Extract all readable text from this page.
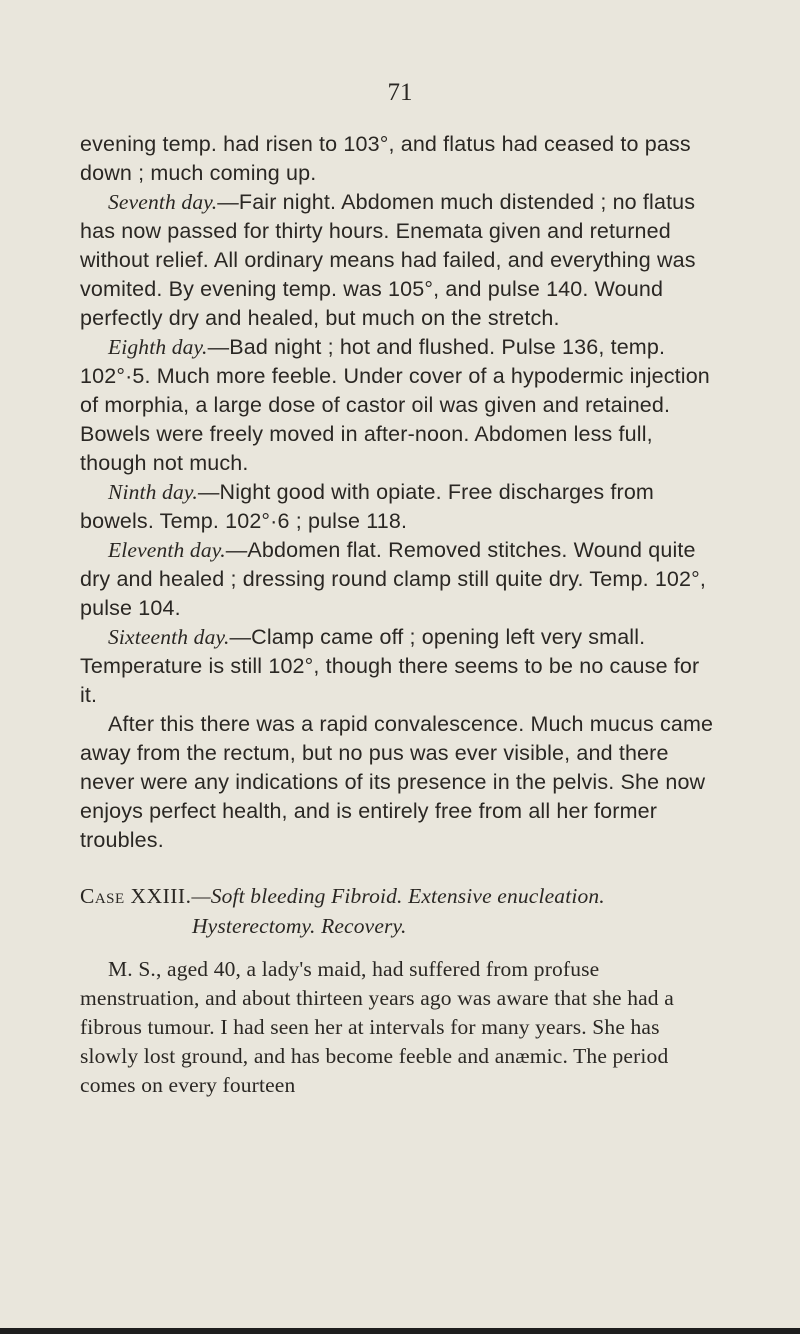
71

evening temp. had risen to 103°, and flatus had ceased to pass down ; much coming up.

Seventh day.—Fair night. Abdomen much distended ; no flatus has now passed for thirty hours. Enemata given and returned without relief. All ordinary means had failed, and everything was vomited. By evening temp. was 105°, and pulse 140. Wound perfectly dry and healed, but much on the stretch.

Eighth day.—Bad night ; hot and flushed. Pulse 136, temp. 102°·5. Much more feeble. Under cover of a hypodermic injection of morphia, a large dose of castor oil was given and retained. Bowels were freely moved in after-noon. Abdomen less full, though not much.

Ninth day.—Night good with opiate. Free discharges from bowels. Temp. 102°·6 ; pulse 118.

Eleventh day.—Abdomen flat. Removed stitches. Wound quite dry and healed ; dressing round clamp still quite dry. Temp. 102°, pulse 104.

Sixteenth day.—Clamp came off ; opening left very small. Temperature is still 102°, though there seems to be no cause for it.

After this there was a rapid convalescence. Much mucus came away from the rectum, but no pus was ever visible, and there never were any indications of its presence in the pelvis. She now enjoys perfect health, and is entirely free from all her former troubles.

Case XXIII.—Soft bleeding Fibroid. Extensive enucleation.
Hysterectomy. Recovery.

M. S., aged 40, a lady's maid, had suffered from profuse menstruation, and about thirteen years ago was aware that she had a fibrous tumour. I had seen her at intervals for many years. She has slowly lost ground, and has become feeble and anæmic. The period comes on every fourteen
